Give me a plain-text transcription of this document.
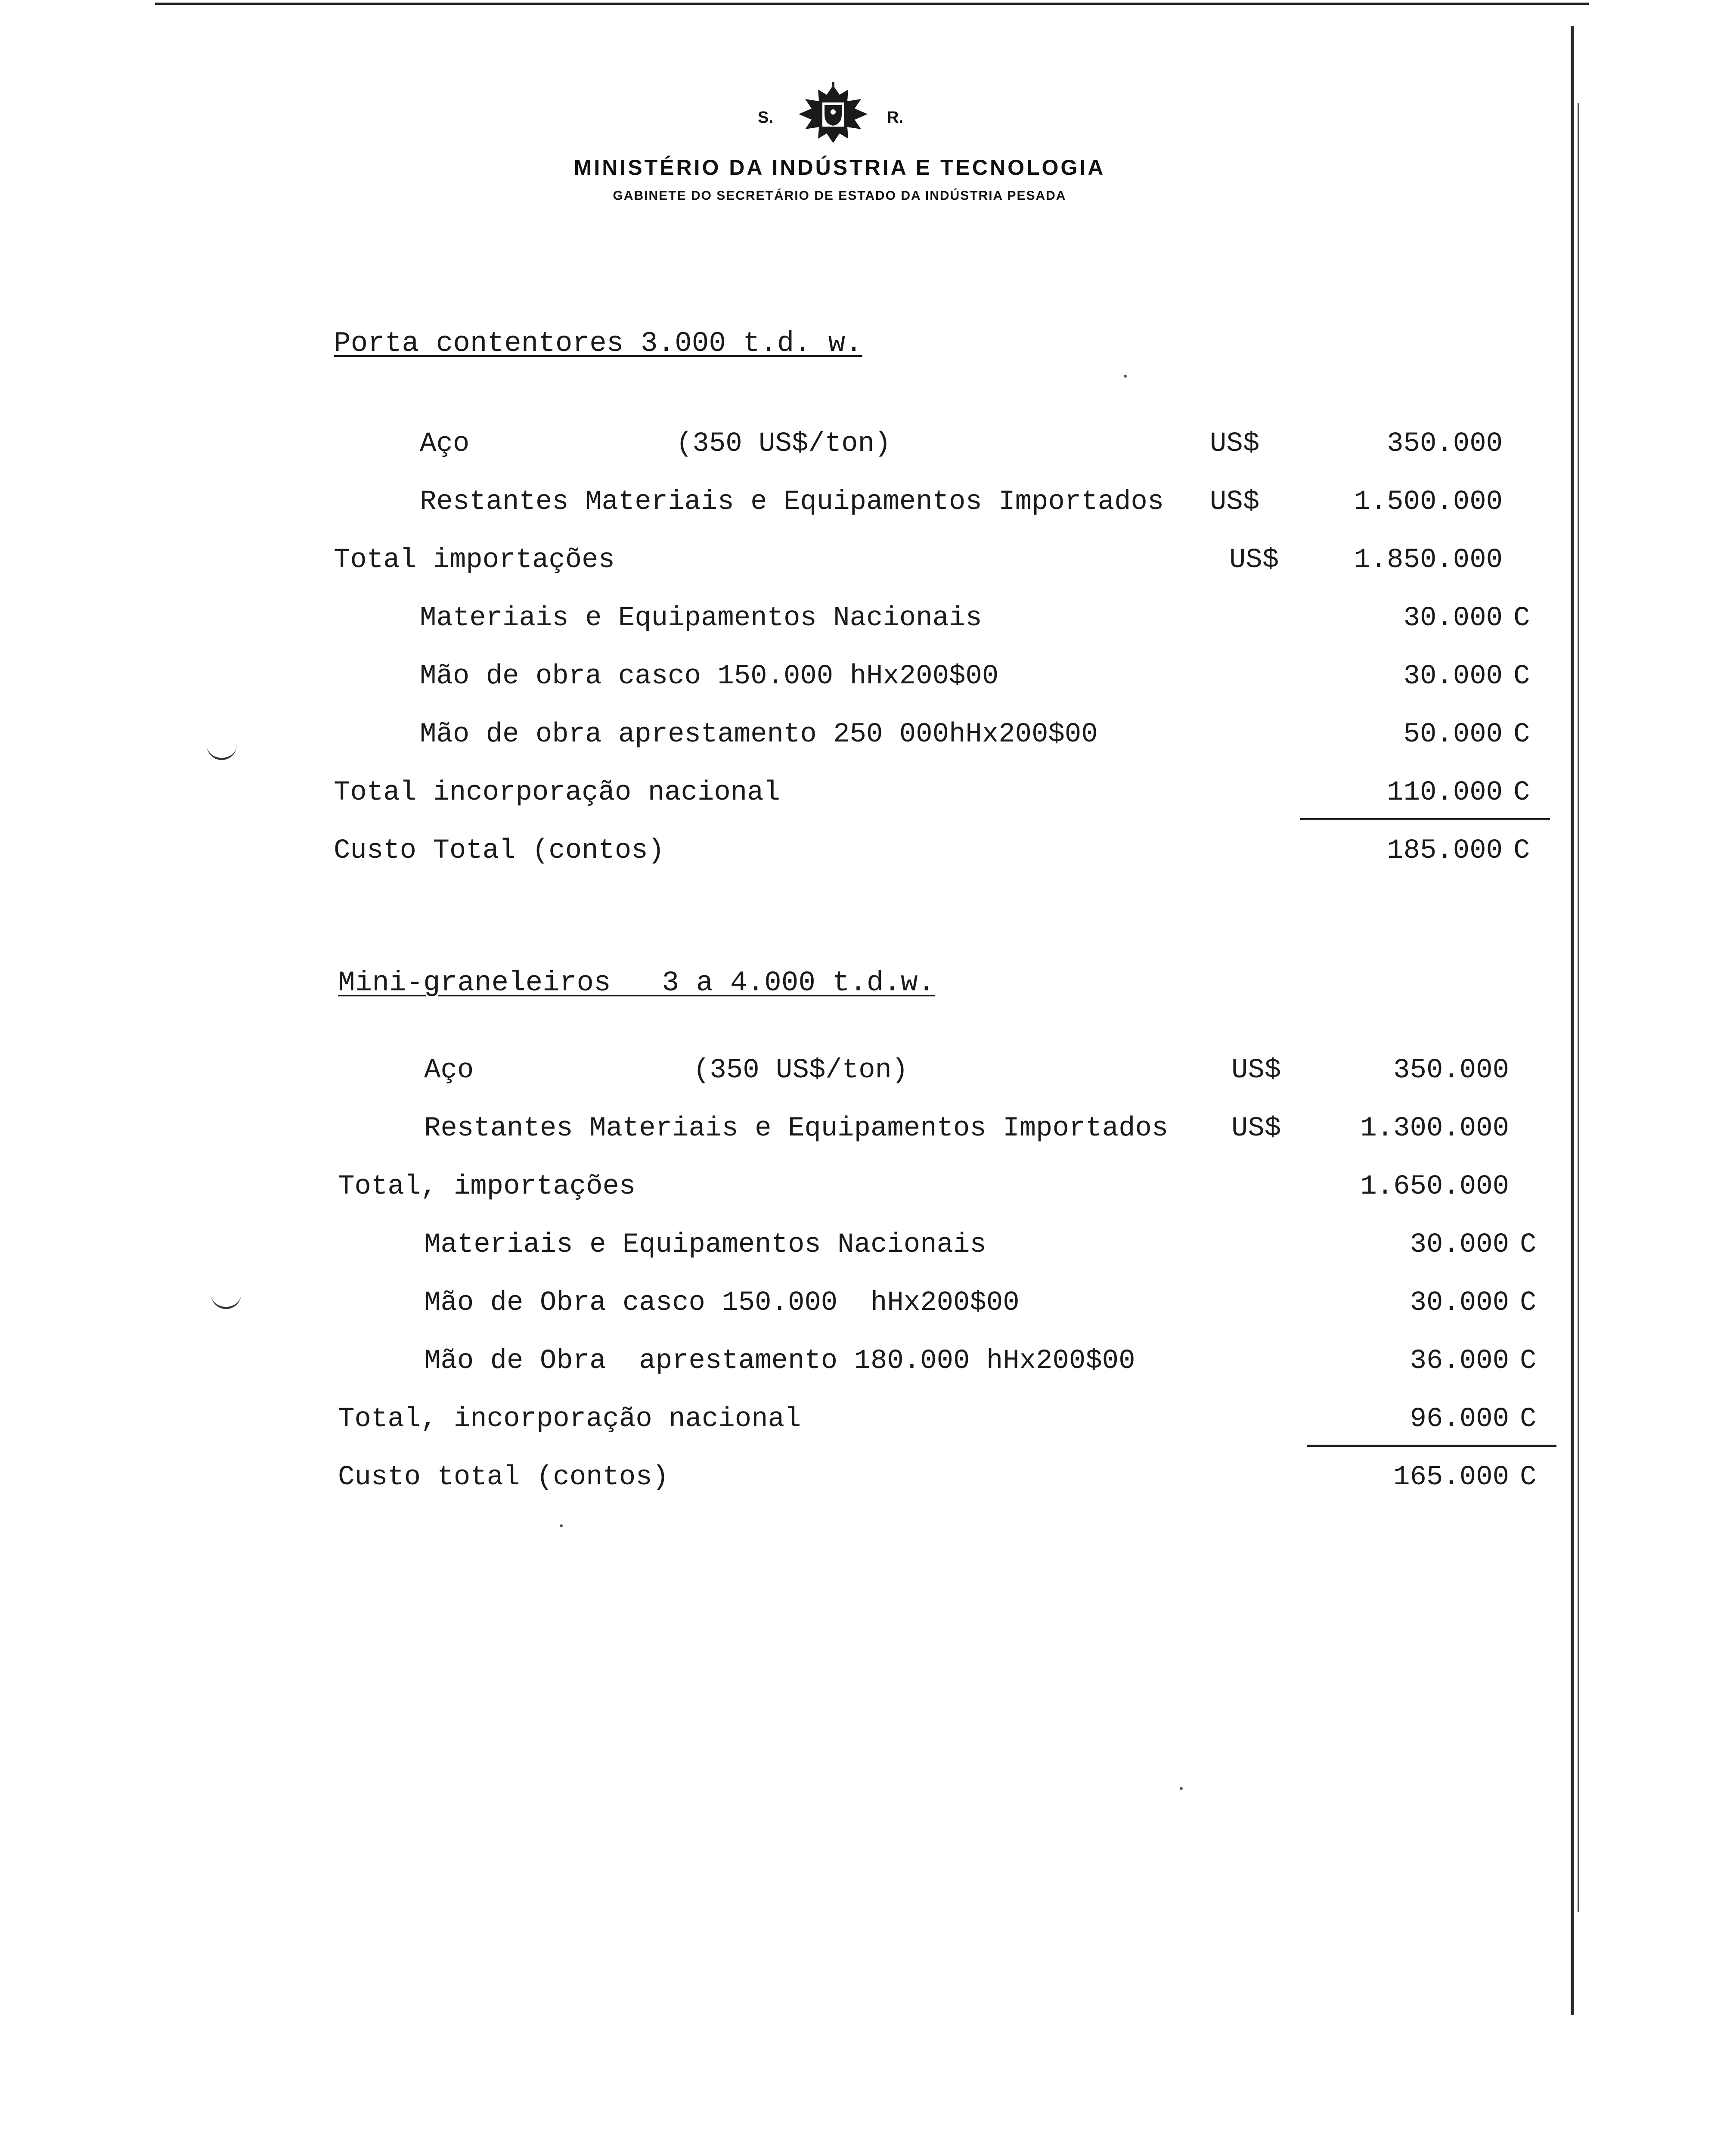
S.	R.
MINISTÉRIO DA INDÚSTRIA E TECNOLOGIA
GABINETE DO SECRETÁRIO DE ESTADO DA INDÚSTRIA PESADA
Porta contentores 3.000 t.d. w.
Aço	(350 US$/ton)	US$	350.000
Restantes Materiais e Equipamentos Importados US$	1.500.000
Total importações	US$	1.850.000
Materiais e Equipamentos Nacionais	30.000 C
Mão de obra casco 150.000 hHx200$00	30.000 C
Mão de obra aprestamento 250 000hHx200$00	50.000 C
Total incorporação nacional	110.000 C
Custo Total (contos)	185.000 C
Mini-graneleiros   3 a 4.000 t.d.w.
Aço	(350 US$/ton)	US$	350.000
Restantes Materiais e Equipamentos Importados US$	1.300.000
Total, importações	1.650.000
Materiais e Equipamentos Nacionais	30.000 C
Mão de Obra casco 150.000  hHx200$00	30.000 C
Mão de Obra  aprestamento 180.000 hHx200$00	36.000 C
Total, incorporação nacional	96.000 C
Custo total (contos)	165.000 C
